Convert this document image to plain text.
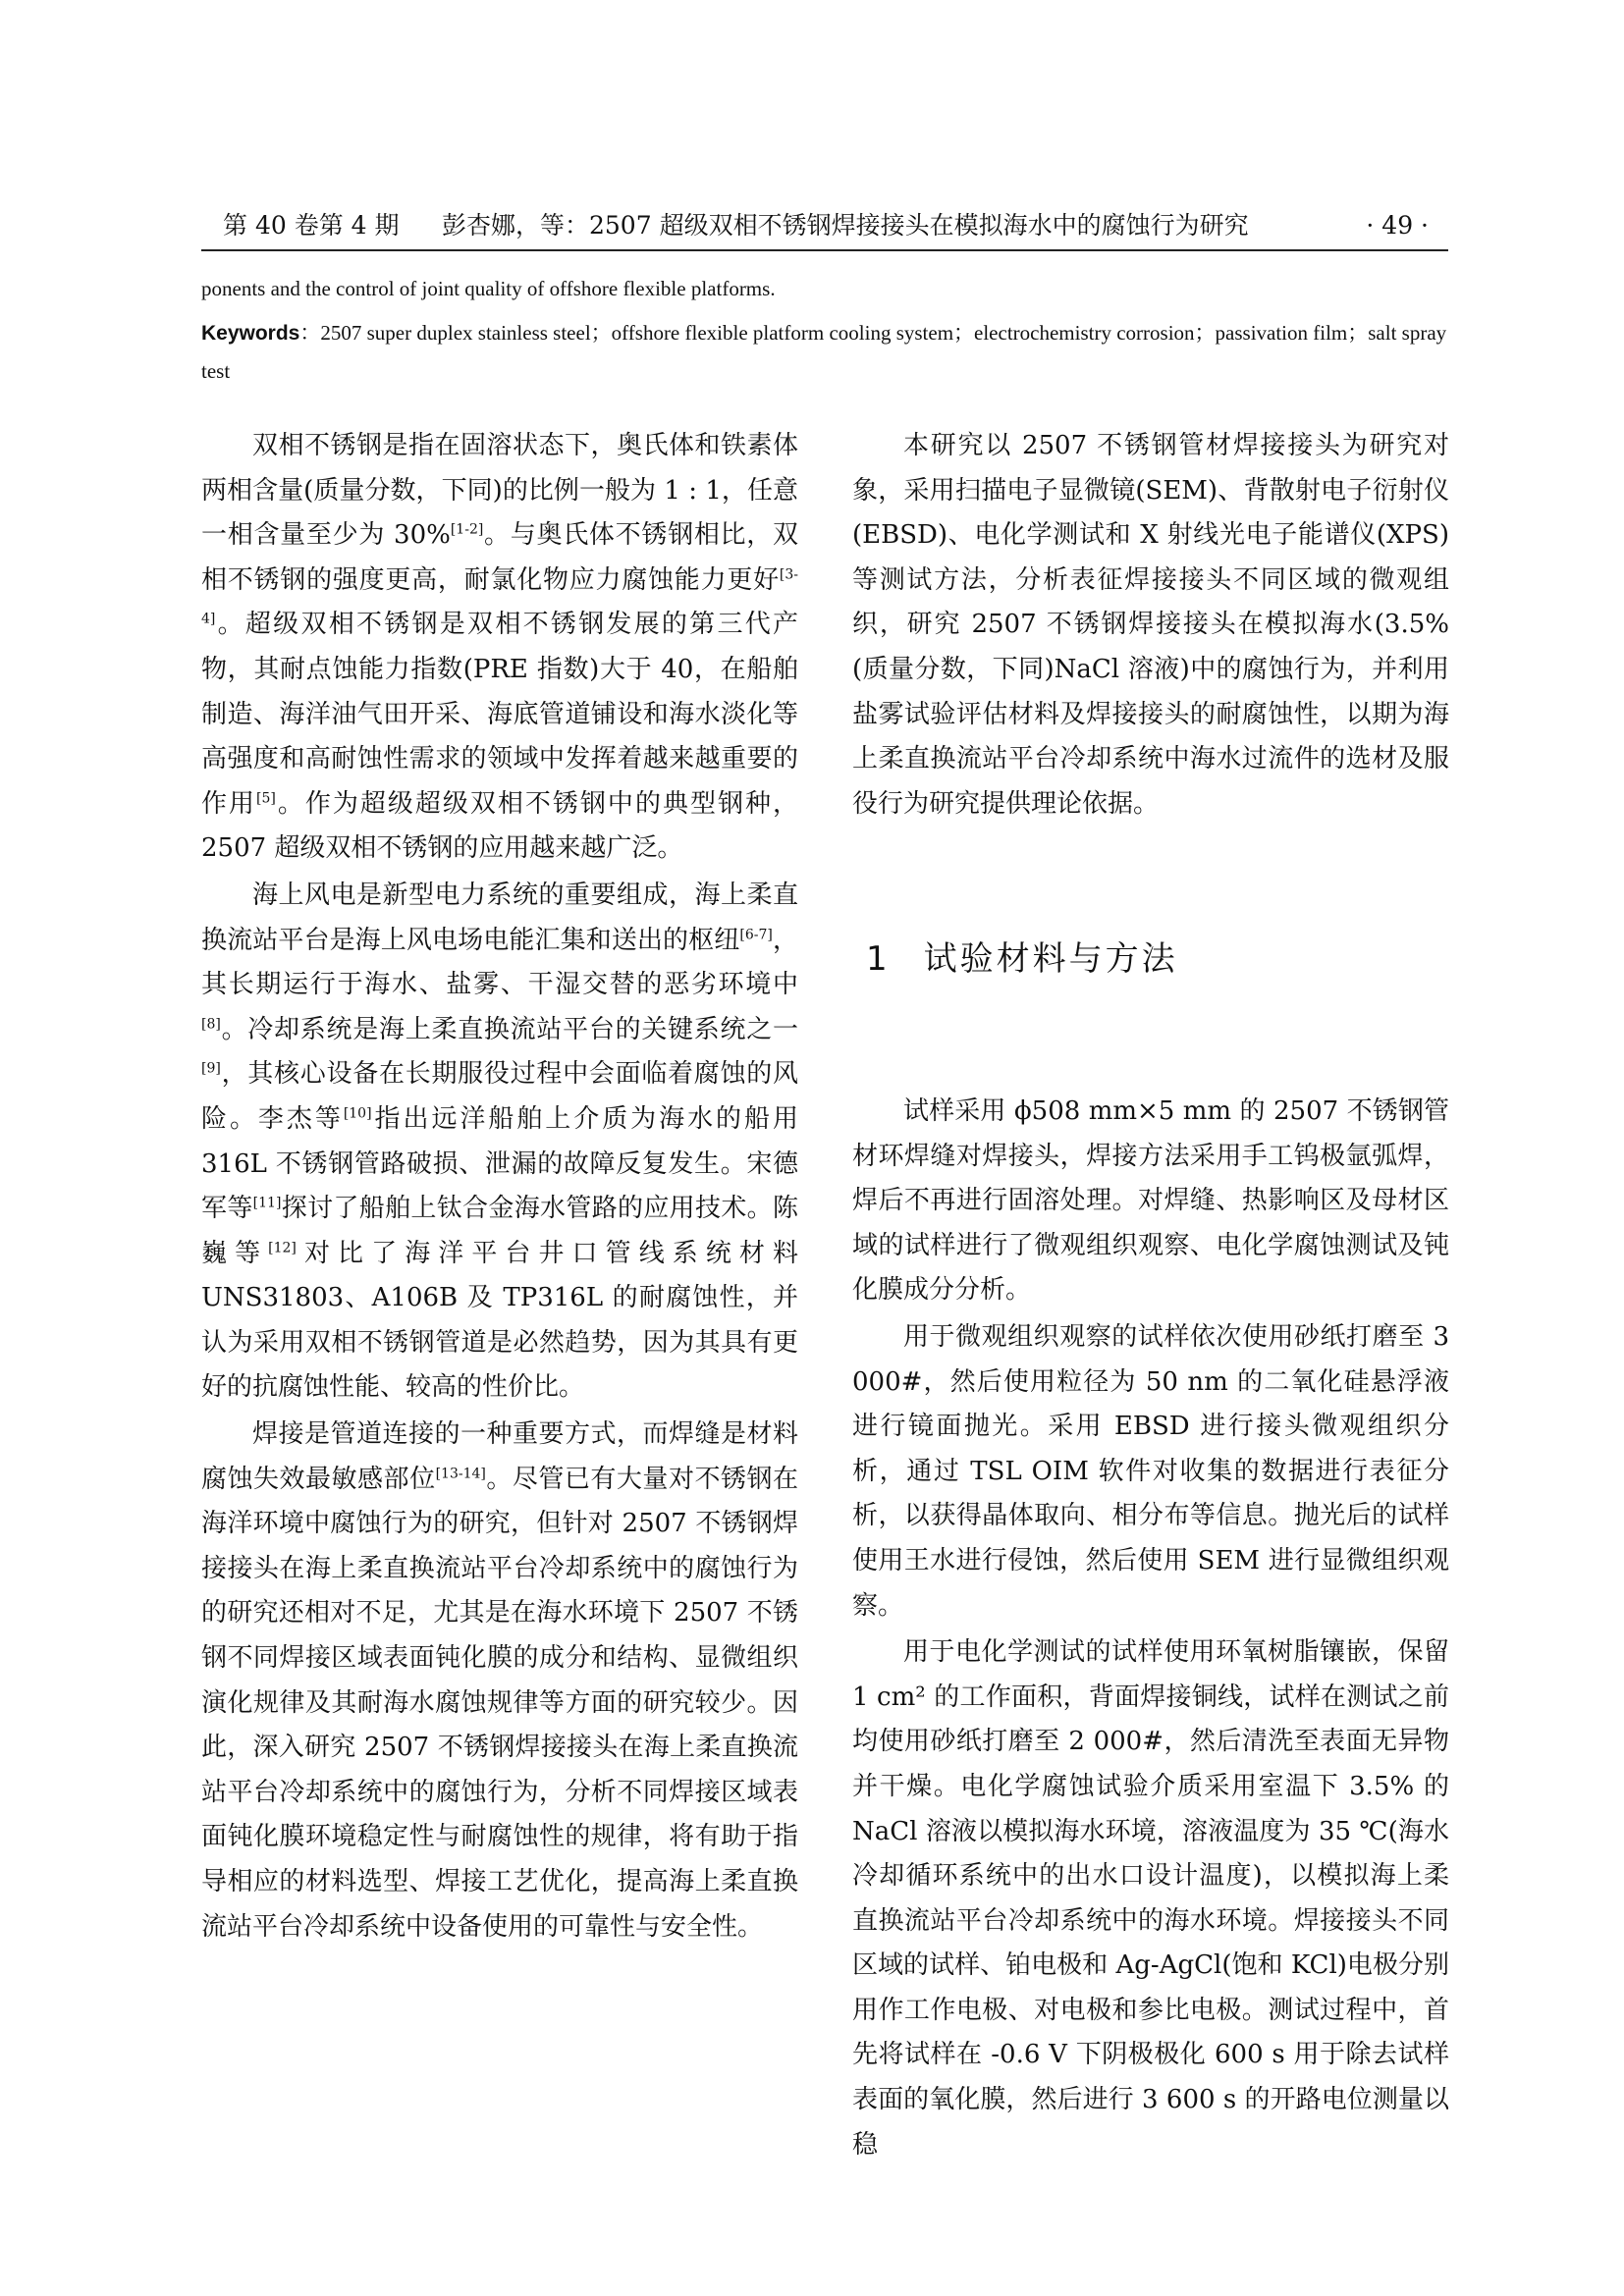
第 40 卷第 4 期 彭杏娜，等：2507 超级双相不锈钢焊接接头在模拟海水中的腐蚀行为研究	· 49 ·
ponents and the control of joint quality of offshore flexible platforms.
Keywords：2507 super duplex stainless steel；offshore flexible platform cooling system；electrochemistry corrosion；passivation film；salt spray test

双相不锈钢是指在固溶状态下，奥氏体和铁素体两相含量(质量分数，下同)的比例一般为 1 : 1，任意一相含量至少为 30%[1-2]。与奥氏体不锈钢相比，双相不锈钢的强度更高，耐氯化物应力腐蚀能力更好[3-4]。超级双相不锈钢是双相不锈钢发展的第三代产物，其耐点蚀能力指数(PRE 指数)大于 40，在船舶制造、海洋油气田开采、海底管道铺设和海水淡化等高强度和高耐蚀性需求的领域中发挥着越来越重要的作用[5]。作为超级超级双相不锈钢中的典型钢种，2507 超级双相不锈钢的应用越来越广泛。

海上风电是新型电力系统的重要组成，海上柔直换流站平台是海上风电场电能汇集和送出的枢纽[6-7]，其长期运行于海水、盐雾、干湿交替的恶劣环境中[8]。冷却系统是海上柔直换流站平台的关键系统之一[9]，其核心设备在长期服役过程中会面临着腐蚀的风险。李杰等[10]指出远洋船舶上介质为海水的船用 316L 不锈钢管路破损、泄漏的故障反复发生。宋德军等[11]探讨了船舶上钛合金海水管路的应用技术。陈巍等[12]对比了海洋平台井口管线系统材料 UNS31803、A106B 及 TP316L 的耐腐蚀性，并认为采用双相不锈钢管道是必然趋势，因为其具有更好的抗腐蚀性能、较高的性价比。

焊接是管道连接的一种重要方式，而焊缝是材料腐蚀失效最敏感部位[13-14]。尽管已有大量对不锈钢在海洋环境中腐蚀行为的研究，但针对 2507 不锈钢焊接接头在海上柔直换流站平台冷却系统中的腐蚀行为的研究还相对不足，尤其是在海水环境下 2507 不锈钢不同焊接区域表面钝化膜的成分和结构、显微组织演化规律及其耐海水腐蚀规律等方面的研究较少。因此，深入研究 2507 不锈钢焊接接头在海上柔直换流站平台冷却系统中的腐蚀行为，分析不同焊接区域表面钝化膜环境稳定性与耐腐蚀性的规律，将有助于指导相应的材料选型、焊接工艺优化，提高海上柔直换流站平台冷却系统中设备使用的可靠性与安全性。

本研究以 2507 不锈钢管材焊接接头为研究对象，采用扫描电子显微镜(SEM)、背散射电子衍射仪(EBSD)、电化学测试和 X 射线光电子能谱仪(XPS)等测试方法，分析表征焊接接头不同区域的微观组织，研究 2507 不锈钢焊接接头在模拟海水(3.5%(质量分数，下同)NaCl 溶液)中的腐蚀行为，并利用盐雾试验评估材料及焊接接头的耐腐蚀性，以期为海上柔直换流站平台冷却系统中海水过流件的选材及服役行为研究提供理论依据。

1 试验材料与方法

试样采用 ϕ508 mm×5 mm 的 2507 不锈钢管材环焊缝对焊接头，焊接方法采用手工钨极氩弧焊，焊后不再进行固溶处理。对焊缝、热影响区及母材区域的试样进行了微观组织观察、电化学腐蚀测试及钝化膜成分分析。

用于微观组织观察的试样依次使用砂纸打磨至 3 000#，然后使用粒径为 50 nm 的二氧化硅悬浮液进行镜面抛光。采用 EBSD 进行接头微观组织分析，通过 TSL OIM 软件对收集的数据进行表征分析，以获得晶体取向、相分布等信息。抛光后的试样使用王水进行侵蚀，然后使用 SEM 进行显微组织观察。

用于电化学测试的试样使用环氧树脂镶嵌，保留 1 cm² 的工作面积，背面焊接铜线，试样在测试之前均使用砂纸打磨至 2 000#，然后清洗至表面无异物并干燥。电化学腐蚀试验介质采用室温下 3.5% 的 NaCl 溶液以模拟海水环境，溶液温度为 35 ℃(海水冷却循环系统中的出水口设计温度)，以模拟海上柔直换流站平台冷却系统中的海水环境。焊接接头不同区域的试样、铂电极和 Ag-AgCl(饱和 KCl)电极分别用作工作电极、对电极和参比电极。测试过程中，首先将试样在 -0.6 V 下阴极极化 600 s 用于除去试样表面的氧化膜，然后进行 3 600 s 的开路电位测量以稳
